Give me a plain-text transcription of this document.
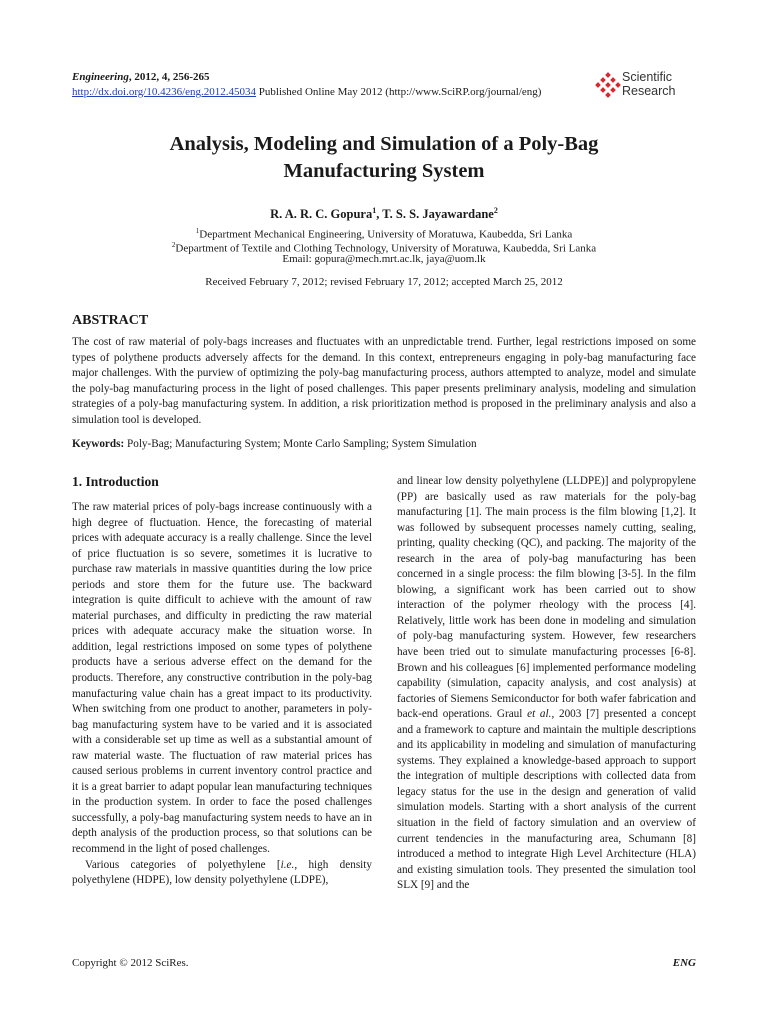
Engineering, 2012, 4, 256-265
http://dx.doi.org/10.4236/eng.2012.45034 Published Online May 2012 (http://www.SciRP.org/journal/eng)
Scientific
Research
Analysis, Modeling and Simulation of a Poly-Bag
Manufacturing System
R. A. R. C. Gopura$^1$, T. S. S. Jayawardane$^2$
$^1$Department Mechanical Engineering, University of Moratuwa, Kaubedda, Sri Lanka
$^2$Department of Textile and Clothing Technology, University of Moratuwa, Kaubedda, Sri Lanka
Email: gopura@mech.mrt.ac.lk, jaya@uom.lk
Received February 7, 2012; revised February 17, 2012; accepted March 25, 2012
ABSTRACT
The cost of raw material of poly-bags increases and fluctuates with an unpredictable trend. Further, legal restrictions imposed on some types of polythene products adversely affects for the demand. In this context, entrepreneurs engaging in poly-bag manufacturing face major challenges. With the purview of optimizing the poly-bag manufacturing process, authors attempted to analyze, model and simulate the poly-bag manufacturing process in the light of posed challenges. This paper presents preliminary analysis, modeling and simulation strategies of a poly-bag manufacturing system. In addition, a risk prioritization method is proposed in the preliminary analysis and also a simulation tool is developed.
Keywords: Poly-Bag; Manufacturing System; Monte Carlo Sampling; System Simulation
1. Introduction

The raw material prices of poly-bags increase continuously with a high degree of fluctuation. Hence, the forecasting of material prices with adequate accuracy is a really challenge. Since the level of price fluctuation is so severe, sometimes it is lucrative to purchase raw materials in massive quantities during the low price periods and store them for the future use. The backward integration is quite difficult to achieve with the amount of raw material purchases, and difficulty in predicting the raw material prices with adequate accuracy make the situation worse. In addition, legal restrictions imposed on some types of polythene products have a serious adverse effect on the demand for the products. Therefore, any constructive contribution in the poly-bag manufacturing value chain has a great impact to its productivity. When switching from one product to another, parameters in poly-bag manufacturing system have to be varied and it is associated with a considerable set up time as well as a substantial amount of raw material waste. The fluctuation of raw material prices has caused serious problems in current inventory control practice and it is a great barrier to adapt popular lean manufacturing techniques in the production system. In order to face the posed challenges successfully, a poly-bag manufacturing system needs to have an in depth analysis of the production process, so that solutions can be recommend in the light of posed challenges.

Various categories of polyethylene [i.e., high density polyethylene (HDPE), low density polyethylene (LDPE),

and linear low density polyethylene (LLDPE)] and polypropylene (PP) are basically used as raw materials for the poly-bag manufacturing [1]. The main process is the film blowing [1,2]. It was followed by subsequent processes namely cutting, sealing, printing, quality checking (QC), and packing. The majority of the research in the area of poly-bag manufacturing has been concerned in a single process: the film blowing [3-5]. In the film blowing, a significant work has been carried out to show interaction of the polymer rheology with the process [4]. Relatively, little work has been done in modeling and simulation of poly-bag manufacturing system. However, few researchers have been tried out to simulate manufacturing processes [6-8]. Brown and his colleagues [6] implemented performance modeling capability (simulation, capacity analysis, and cost analysis) at factories of Siemens Semiconductor for both wafer fabrication and back-end operations. Graul et al., 2003 [7] presented a concept and a framework to capture and maintain the multiple descriptions and its applicability in modeling and simulation of manufacturing systems. They explained a knowledge-based approach to support the integration of multiple descriptions with collected data from legacy status for the use in the design and generation of valid simulation models. Starting with a short analysis of the current situation in the field of factory simulation and an overview of current tendencies in the manufacturing area, Schumann [8] introduced a method to integrate High Level Architecture (HLA) and existing simulation tools. They presented the simulation tool SLX [9] and the

Copyright © 2012 SciRes.	ENG
